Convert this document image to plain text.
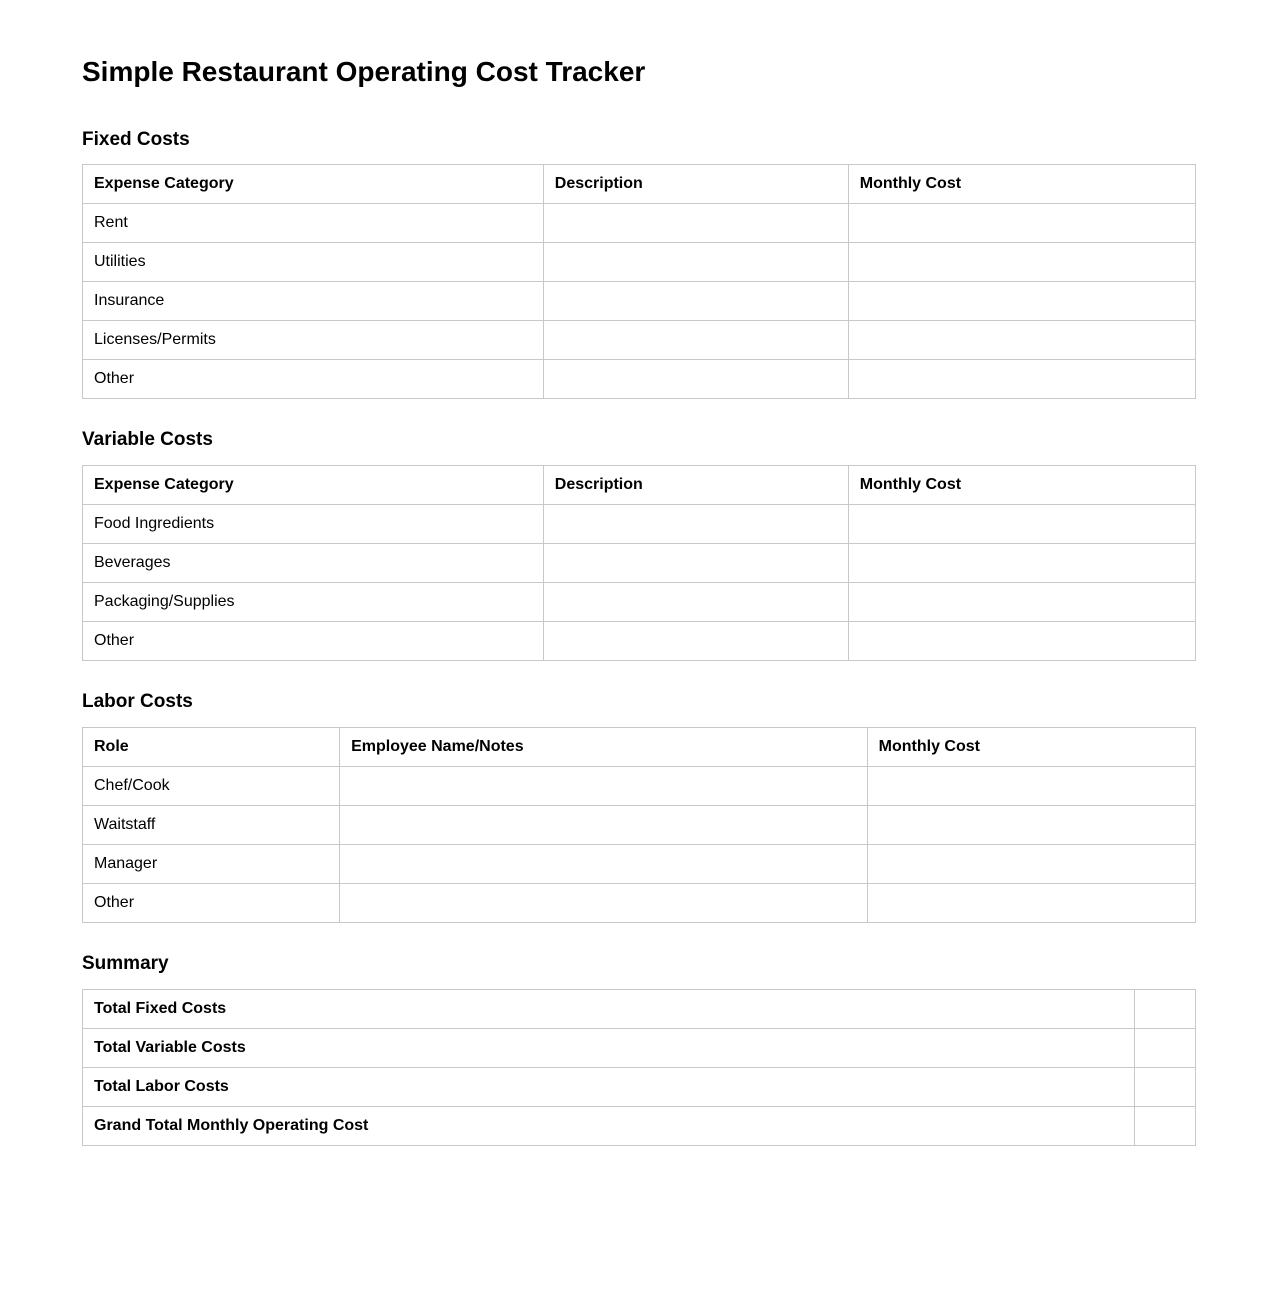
Simple Restaurant Operating Cost Tracker
Fixed Costs
Expense Category	Description	Monthly Cost
Rent		
Utilities		
Insurance		
Licenses/Permits		
Other		
Variable Costs
Expense Category	Description	Monthly Cost
Food Ingredients		
Beverages		
Packaging/Supplies		
Other		
Labor Costs
Role	Employee Name/Notes	Monthly Cost
Chef/Cook		
Waitstaff		
Manager		
Other		
Summary
Total Fixed Costs	
Total Variable Costs	
Total Labor Costs	
Grand Total Monthly Operating Cost	
